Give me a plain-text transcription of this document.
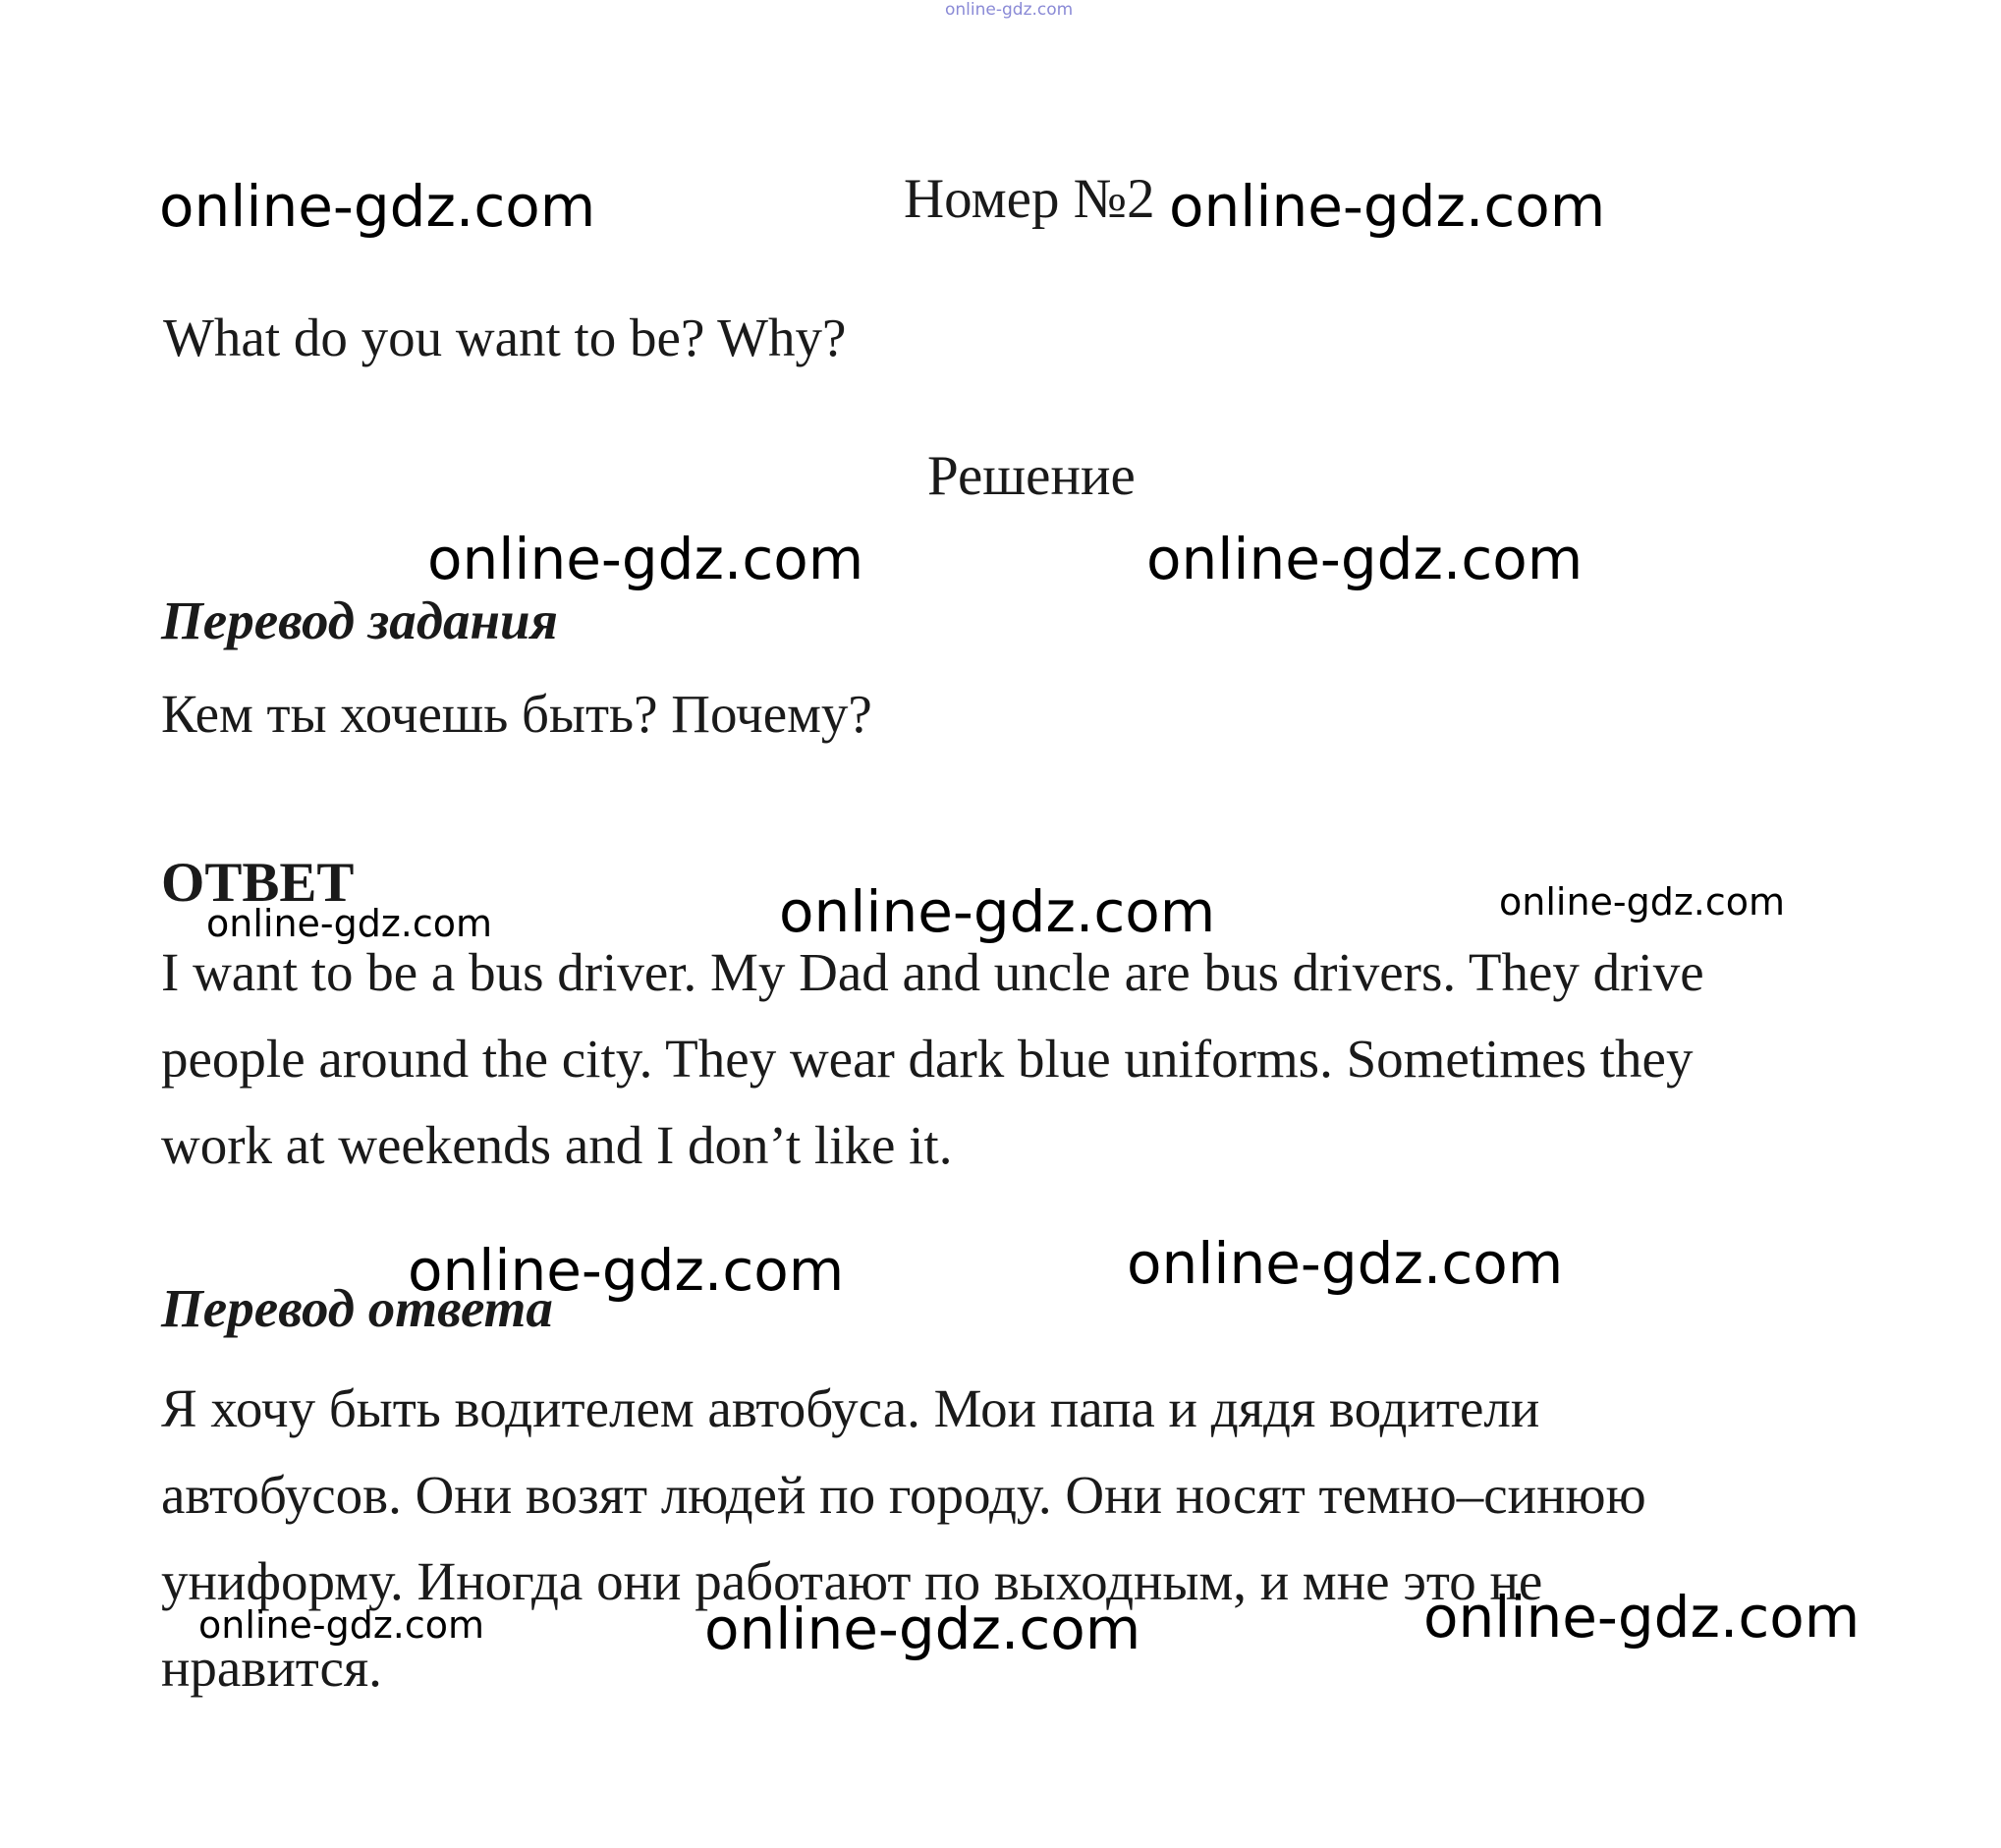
online-gdz.com
Номер №2
What do you want to be? Why?
Решение
Перевод задания
Кем ты хочешь быть? Почему?
ОТВЕТ
I want to be a bus driver. My Dad and uncle are bus drivers. They drive
people around the city. They wear dark blue uniforms. Sometimes they
work at weekends and I don’t like it.
Перевод ответа
Я хочу быть водителем автобуса. Мои папа и дядя водители
автобусов. Они возят людей по городу. Они носят темно–синюю
униформу. Иногда они работают по выходным, и мне это не
нравится.
online-gdz.com	online-gdz.com
online-gdz.com	online-gdz.com
online-gdz.com	online-gdz.com	online-gdz.com
online-gdz.com	online-gdz.com
online-gdz.com	online-gdz.com	online-gdz.com
